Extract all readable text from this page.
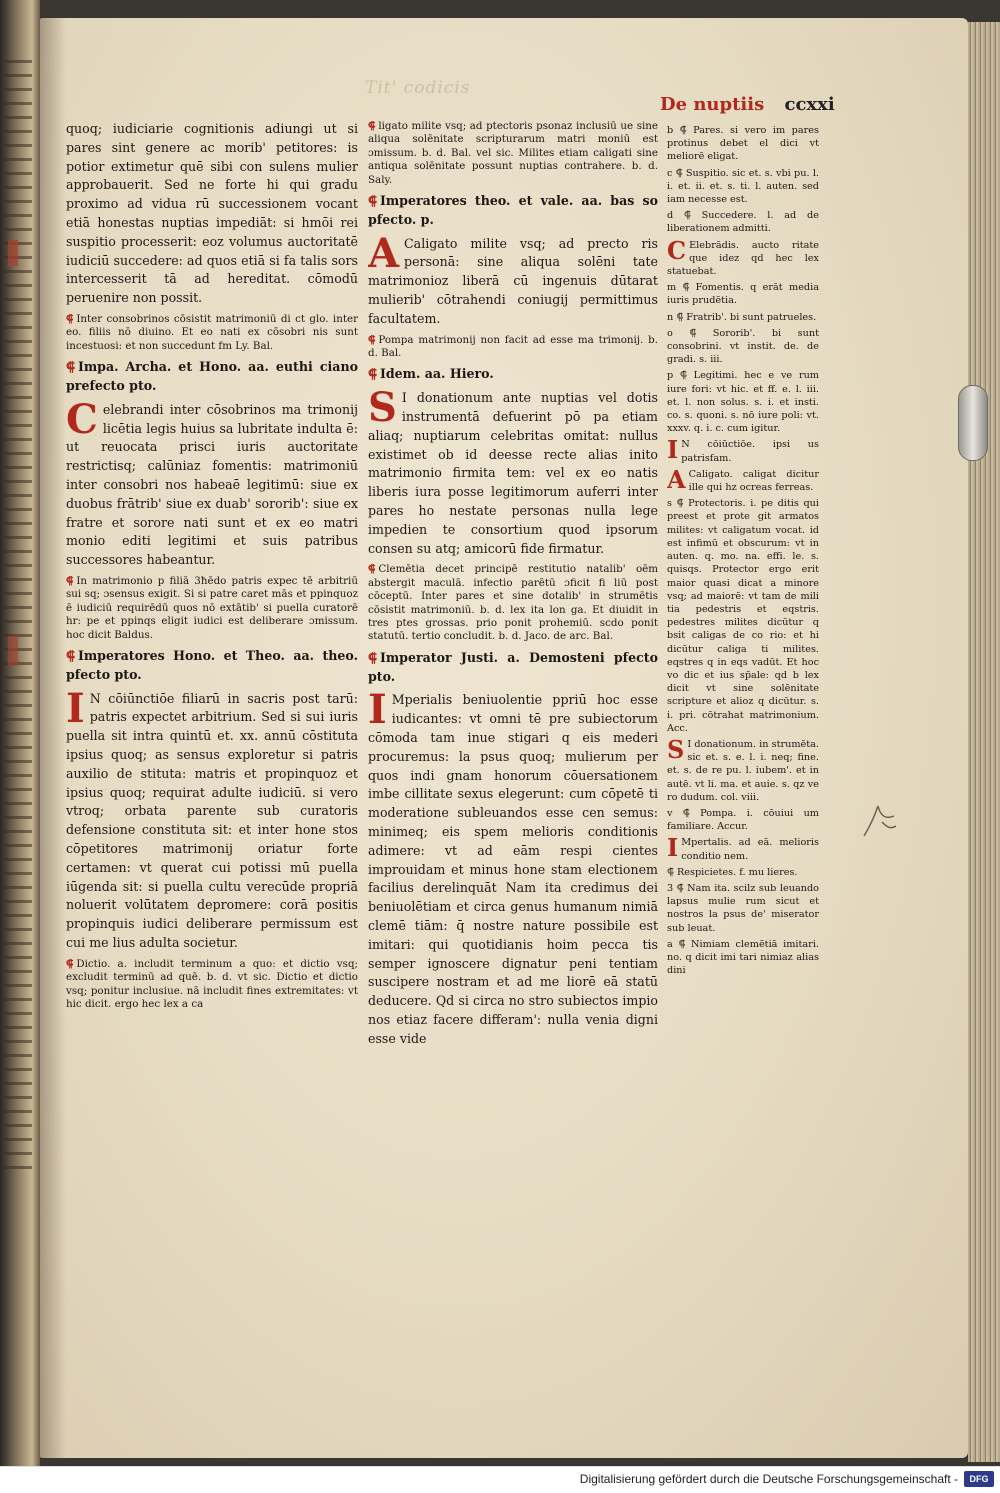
Tit' codicis
De nuptiis ccxxi

quoq; iudiciarie cognitionis adiungi ut si pares sint genere ac morib' petitores: is potior extimetur quē sibi con sulens mulier approbauerit. Sed ne forte hi qui gradu proximo ad vidua rū successionem vocant etiā honestas nuptias impediāt: si hmōi rei suspitio processerit: eoz volumus auctoritatē iudiciū succedere: ad quos etiā si fa talis sors intercesserit tā ad hereditat. cōmodū peruenire non possit.

⸿ Inter consobrinos cōsistit matrimoniū di ct glo. inter eo. filiis nō diuino. Et eo nati ex cōsobri nis sunt incestuosi: et non succedunt fm Ly. Bal.

⸿ Impa. Archa. et Hono. aa. euthi ciano prefecto pto.

Celebrandi inter cōsobrinos ma trimonij licētia legis huius sa lubritate indulta ē: ut reuocata prisci iuris auctoritate restrictisq; calūniaz fomentis: matrimoniū inter consobri nos habeaē legitimū: siue ex duobus frātrib' siue ex duab' sororib': siue ex fratre et sorore nati sunt et ex eo matri monio editi legitimi et suis patribus successores habeantur.

⸿ In matrimonio p filiā 3ħēdo patris expec tē arbitriū sui sq; ɔsensus exigit. Si si patre caret mās et ppinquoz ē iudiciū requirēdū quos nō extātib' si puella curatorē hr: pe et ppinqs eligit iudici est deliberare ɔmissum. hoc dicit Baldus.

⸿ Imperatores Hono. et Theo. aa. theo. pfecto pto.

I N cōiūnctiōe filiarū in sacris post tarū: patris expectet arbitrium. Sed si sui iuris puella sit intra quintū et. xx. annū cōstituta ipsius quoq; as sensus exploretur si patris auxilio de stituta: matris et propinquoz et ipsius quoq; requirat adulte iudiciū. si vero vtroq; orbata parente sub curatoris defensione constituta sit: et inter hone stos cōpetitores matrimonij oriatur forte certamen: vt querat cui potissi mū puella iūgenda sit: si puella cultu verecūde propriā noluerit volūtatem depromere: corā positis propinquis iudici deliberare permissum est cui me lius adulta societur.

⸿ Dictio. a. includit terminum a quo: et dictio vsq; excludit terminū ad quē. b. d. vt sic. Dictio et dictio vsq; ponitur inclusiue. nā includit fines extremitates: vt hic dicit. ergo hec lex a ca

⸿ ligato milite vsq; ad ptectoris psonaz inclusiū ue sine aliqua solēnitate scripturarum matri moniū est ɔmissum. b. d. Bal. vel sic. Milites etiam caligati sine antiqua solēnitate possunt nuptias contrahere. b. d. Saly.

⸿ Imperatores theo. et vale. aa. bas so pfecto. p.

A Caligato milite vsq; ad precto ris personā: sine aliqua solēni tate matrimonioz liberā cū ingenuis dūtarat mulierib' cōtrahendi coniugij permittimus facultatem.

⸿ Pompa matrimonij non facit ad esse ma trimonij. b. d. Bal.

⸿ Idem. aa. Hiero.

S I donationum ante nuptias vel dotis instrumentā defuerint pō pa etiam aliaq; nuptiarum celebritas omitat: nullus existimet ob id deesse recte alias inito matrimonio firmita tem: vel ex eo natis liberis iura posse legitimorum auferri inter pares ho nestate personas nulla lege impedien te consortium quod ipsorum consen su atq; amicorū fide firmatur.

⸿ Clemētia decet principē restitutio natalib' oēm abstergit maculā. infectio parētū ɔficit fi liū post cōceptū. Inter pares et sine dotalib' in strumētis cōsistit matrimoniū. b. d. lex ita lon ga. Et diuidit in tres ptes grossas. prio ponit prohemiū. scdo ponit statutū. tertio concludit. b. d. Jaco. de arc. Bal.

⸿ Imperator Justi. a. Demosteni pfecto pto.

I Mperialis beniuolentie ppriū hoc esse iudicantes: vt omni tē pre subiectorum cōmoda tam inue stigari q eis mederi procuremus: la psus quoq; mulierum per quos indi gnam honorum cōuersationem imbe cillitate sexus elegerunt: cum cōpetē ti moderatione subleuandos esse cen semus: minimeq; eis spem melioris conditionis adimere: vt ad eām respi cientes improuidam et minus hone stam electionem facilius derelinquāt Nam ita credimus dei beniuolētiam et circa genus humanum nimiā clemē tiām: q̄ nostre nature possibile est imitari: qui quotidianis hoim pecca tis semper ignoscere dignatur peni tentiam suscipere nostram et ad me liorē eā statū deducere. Qd si circa no stro subiectos impio nos etiaz facere differam': nulla venia digni esse vide

b ⸿ Pares. si vero im pares protinus debet el dici vt meliorē eligat.

c ⸿ Suspitio. sic et. s. vbi pu. l. i. et. ii. et. s. ti. l. auten. sed iam necesse est.

d ⸿ Succedere. l. ad de liberationem admitti.

C Elebrādis. aucto ritate que idez qd hec lex statuebat.

m ⸿ Fomentis. q erāt media iuris prudētia.

n ⸿ Fratrib'. bi sunt patrueles.

o ⸿ Sororib'. bi sunt consobrini. vt instit. de. de gradi. s. iii.

p ⸿ Legitimi. hec e ve rum iure fori: vt hic. et ff. e. l. iii. et. l. non solus. s. i. et insti. co. s. quoni. s. nō iure poli: vt. xxxv. q. i. c. cum igitur.

I N cōiūctiōe. ipsi us patrisfam.

A Caligato. caligat dicitur ille qui hz ocreas ferreas.

s ⸿ Protectoris. i. pe ditis qui preest et prote git armatos milites: vt caligatum vocat. id est infimū et obscurum: vt in auten. q. mo. na. effi. le. s. quisqs. Protector ergo erit maior quasi dicat a minore vsq; ad maiorē: vt tam de mili tia pedestris et eqstris. pedestres milites dicūtur q bsit caligas de co rio: et hi dicūtur caliga ti milites. eqstres q in eqs vadūt. Et hoc vo dic et ius sp̄ale: qd b lex dicit vt sine solēnitate scripture et alioz q dicūtur. s. i. pri. cōtrahat matrimonium. Acc.

S I donationum. in strumēta. sic et. s. e. l. i. neq; fine. et. s. de re pu. l. iubem'. et in autē. vt li. ma. et auie. s. qz ve ro dudum. col. viii.

v ⸿ Pompa. i. cōuiui um familiare. Accur.

I Mpertalis. ad eā. melioris conditio nem.

⸿ Respicietes. f. mu lieres.

3 ⸿ Nam ita. scilz sub leuando lapsus mulie rum sicut et nostros la psus de' miserator sub leuat.

a ⸿ Nimiam clemētiā imitari. no. q dicit imi tari nimiaz alias dini

Digitalisierung gefördert durch die Deutsche Forschungsgemeinschaft -	DFG
